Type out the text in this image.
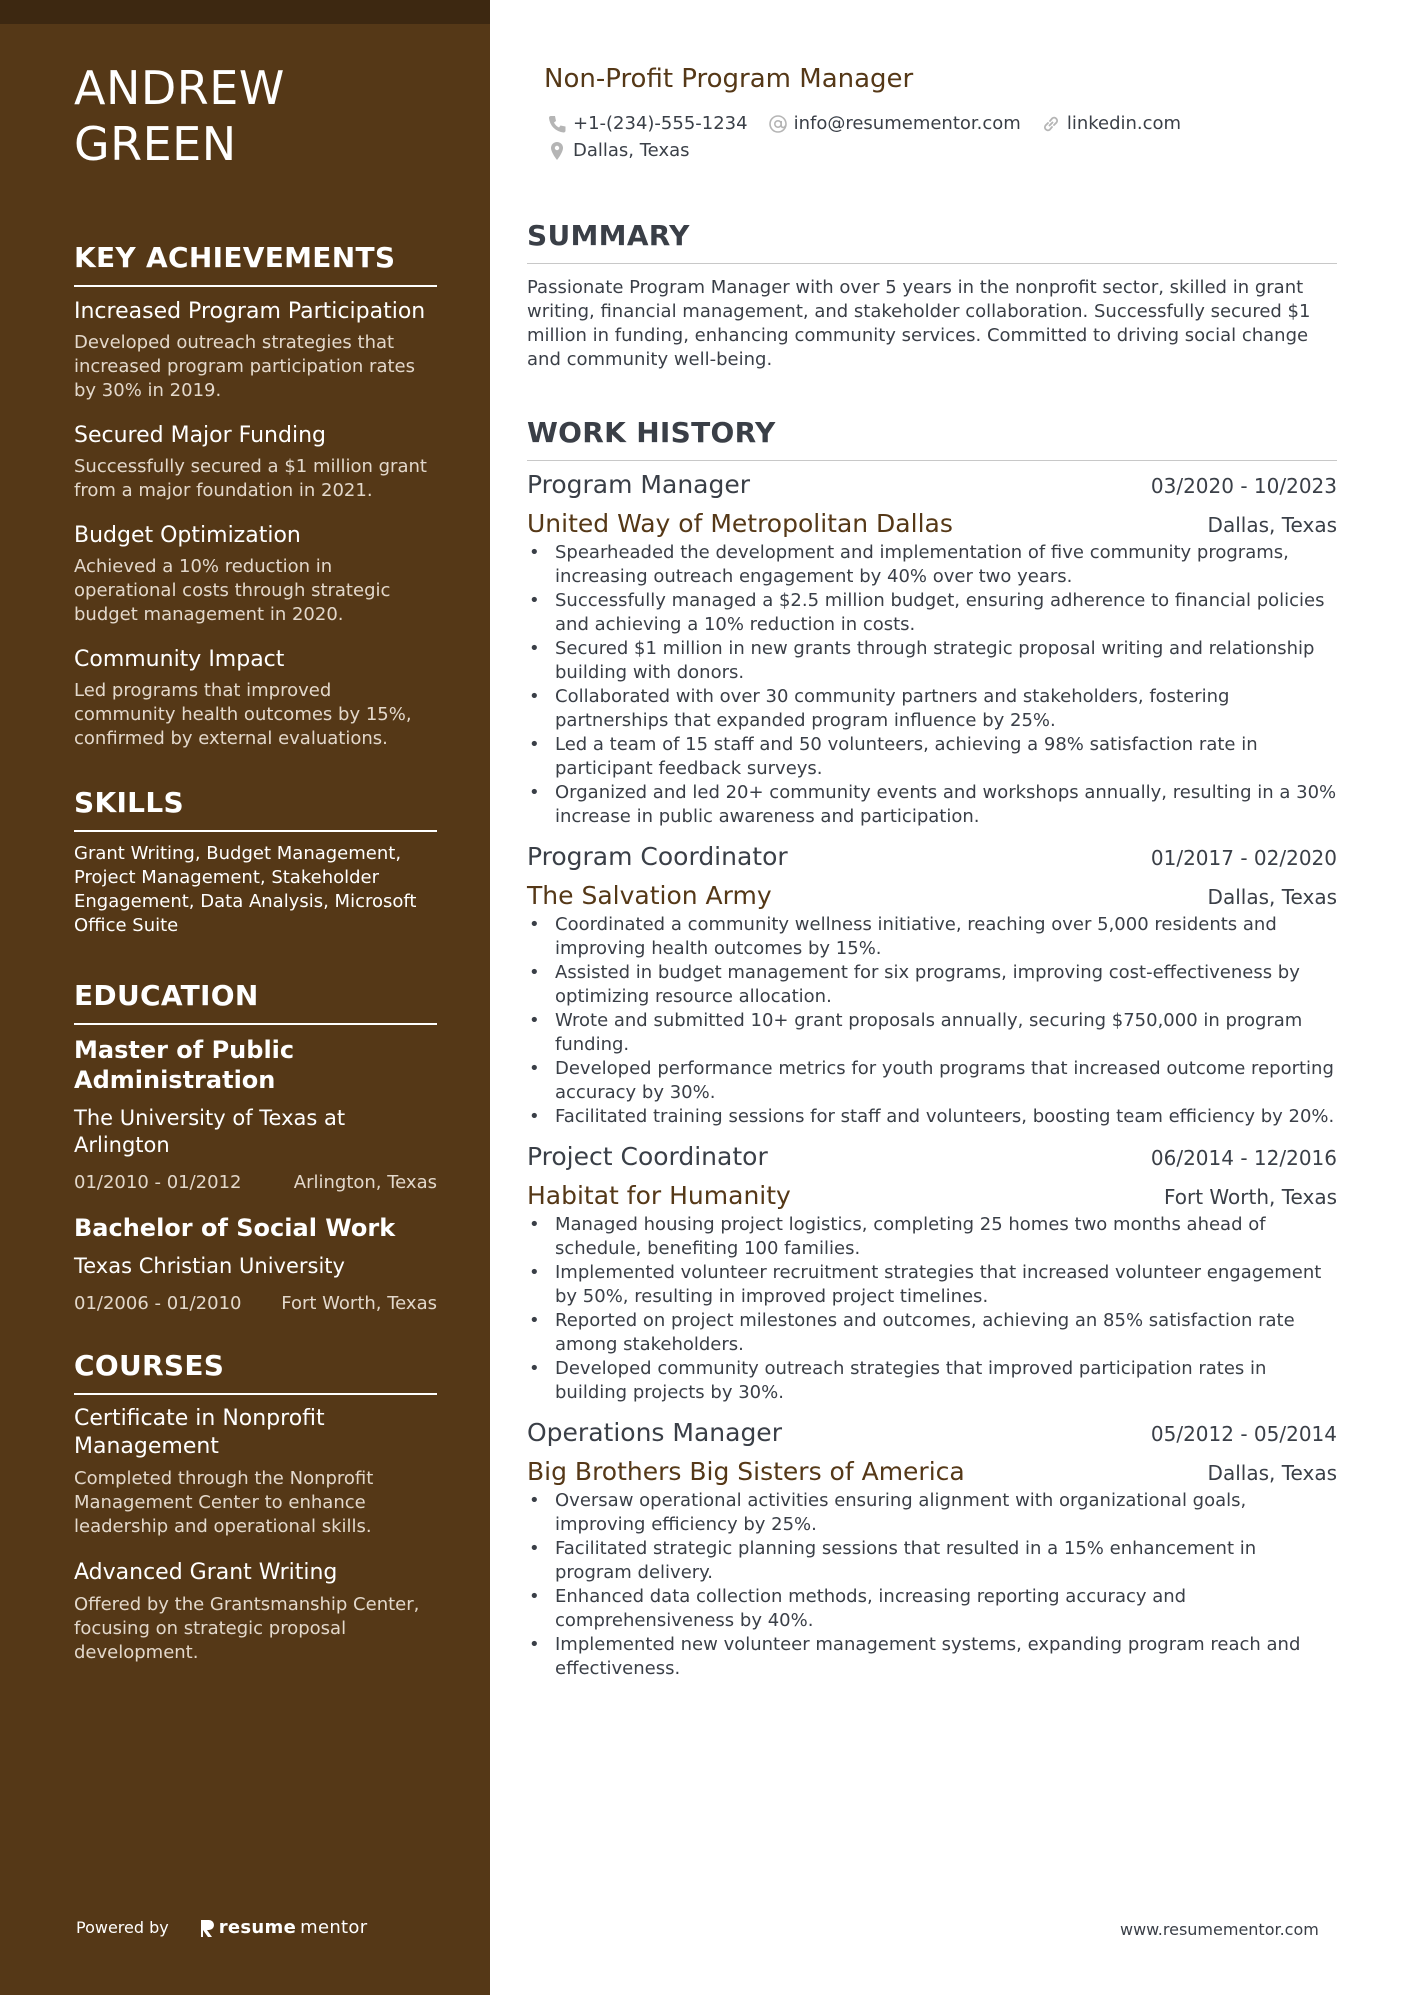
ANDREW GREEN
KEY ACHIEVEMENTS
Increased Program Participation
Developed outreach strategies that increased program participation rates by 30% in 2019.
Secured Major Funding
Successfully secured a $1 million grant from a major foundation in 2021.
Budget Optimization
Achieved a 10% reduction in operational costs through strategic budget management in 2020.
Community Impact
Led programs that improved community health outcomes by 15%, confirmed by external evaluations.
SKILLS
Grant Writing, Budget Management, Project Management, Stakeholder Engagement, Data Analysis, Microsoft Office Suite
EDUCATION
Master of Public Administration
The University of Texas at Arlington
01/2010 - 01/2012	Arlington, Texas
Bachelor of Social Work
Texas Christian University
01/2006 - 01/2010 Fort Worth, Texas
COURSES
Certificate in Nonprofit Management
Completed through the Nonprofit Management Center to enhance leadership and operational skills.
Advanced Grant Writing
Offered by the Grantsmanship Center, focusing on strategic proposal development.
Powered by	resume mentor
Non-Profit Program Manager
+1-(234)-555-1234	info@resumementor.com	linkedin.com
Dallas, Texas
SUMMARY

Passionate Program Manager with over 5 years in the nonprofit sector, skilled in grant writing, financial management, and stakeholder collaboration. Successfully secured $1 million in funding, enhancing community services. Committed to driving social change and community well-being.

WORK HISTORY
Program Manager	03/2020 - 10/2023
United Way of Metropolitan Dallas	Dallas, Texas
• Spearheaded the development and implementation of five community programs, increasing outreach engagement by 40% over two years.
• Successfully managed a $2.5 million budget, ensuring adherence to financial policies and achieving a 10% reduction in costs.
• Secured $1 million in new grants through strategic proposal writing and relationship building with donors.
• Collaborated with over 30 community partners and stakeholders, fostering partnerships that expanded program influence by 25%.
• Led a team of 15 staff and 50 volunteers, achieving a 98% satisfaction rate in participant feedback surveys.
• Organized and led 20+ community events and workshops annually, resulting in a 30% increase in public awareness and participation.
Program Coordinator	01/2017 - 02/2020
The Salvation Army	Dallas, Texas
• Coordinated a community wellness initiative, reaching over 5,000 residents and improving health outcomes by 15%.
• Assisted in budget management for six programs, improving cost-effectiveness by optimizing resource allocation.
• Wrote and submitted 10+ grant proposals annually, securing $750,000 in program funding.
• Developed performance metrics for youth programs that increased outcome reporting accuracy by 30%.
• Facilitated training sessions for staff and volunteers, boosting team efficiency by 20%.
Project Coordinator	06/2014 - 12/2016
Habitat for Humanity	Fort Worth, Texas
• Managed housing project logistics, completing 25 homes two months ahead of schedule, benefiting 100 families.
• Implemented volunteer recruitment strategies that increased volunteer engagement by 50%, resulting in improved project timelines.
• Reported on project milestones and outcomes, achieving an 85% satisfaction rate among stakeholders.
• Developed community outreach strategies that improved participation rates in building projects by 30%.
Operations Manager	05/2012 - 05/2014
Big Brothers Big Sisters of America	Dallas, Texas
• Oversaw operational activities ensuring alignment with organizational goals, improving efficiency by 25%.
• Facilitated strategic planning sessions that resulted in a 15% enhancement in program delivery.
• Enhanced data collection methods, increasing reporting accuracy and comprehensiveness by 40%.
• Implemented new volunteer management systems, expanding program reach and effectiveness.
www.resumementor.com
